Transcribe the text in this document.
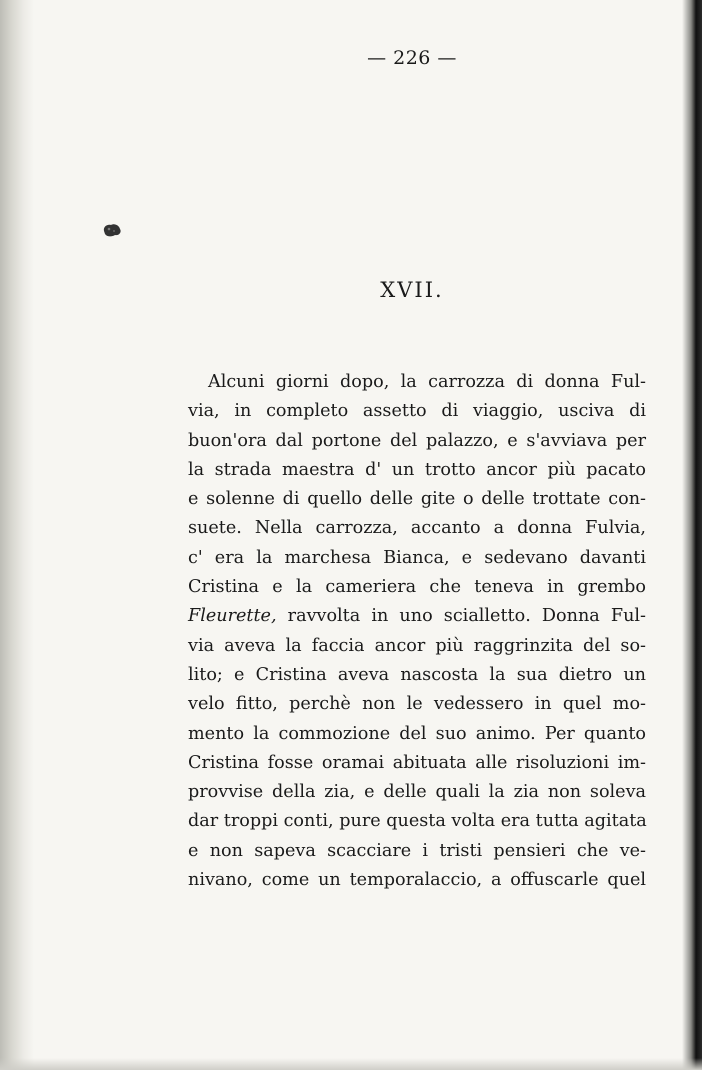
— 226 —
XVII.
Alcuni giorni dopo, la carrozza di donna Ful-
via, in completo assetto di viaggio, usciva di
buon'ora dal portone del palazzo, e s'avviava per
la strada maestra d' un trotto ancor più pacato
e solenne di quello delle gite o delle trottate con-
suete. Nella carrozza, accanto a donna Fulvia,
c' era la marchesa Bianca, e sedevano davanti
Cristina e la cameriera che teneva in grembo
Fleurette, ravvolta in uno sciallettо. Donna Ful-
via aveva la faccia ancor più raggrinzita del so-
lito; e Cristina aveva nascosta la sua dietro un
velo fitto, perchè non le vedessero in quel mo-
mento la commozione del suo animo. Per quanto
Cristina fosse oramai abituata alle risoluzioni im-
provvise della zia, e delle quali la zia non soleva
dar troppi conti, pure questa volta era tutta agitata
e non sapeva scacciare i tristi pensieri che ve-
nivano, come un temporalaccio, a offuscarle quel
